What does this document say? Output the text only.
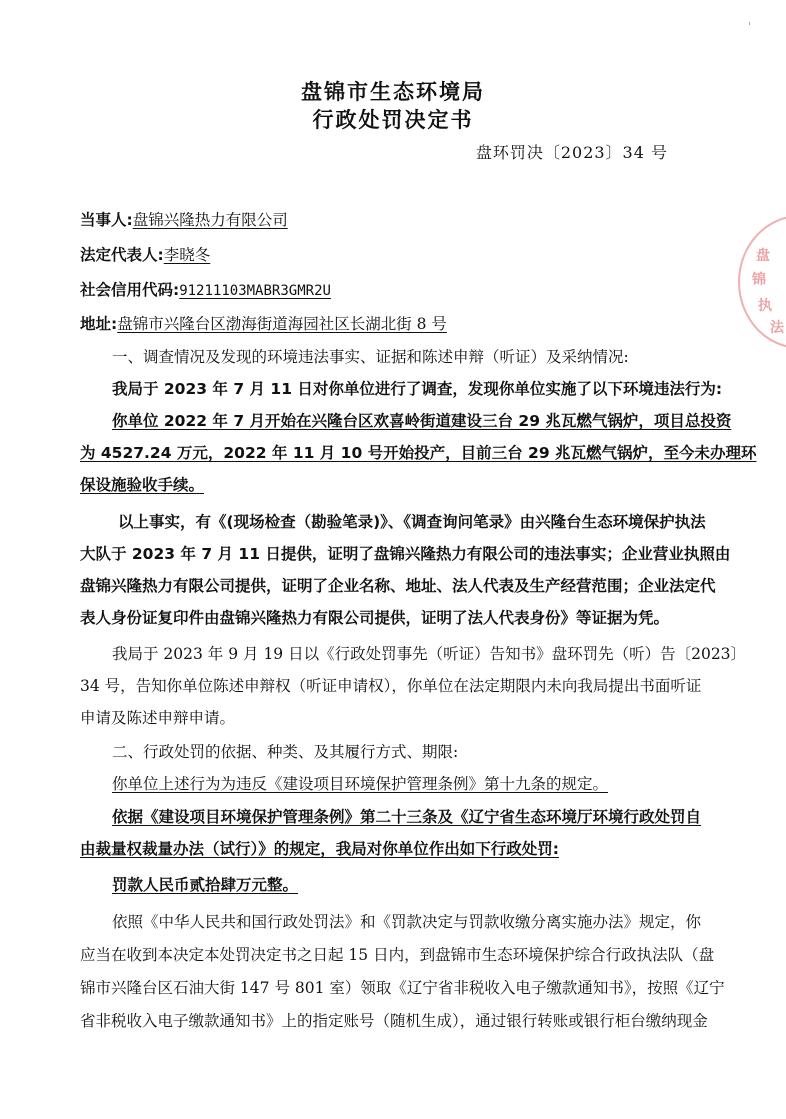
'
盘锦市生态环境局
行政处罚决定书
盘环罚决〔2023〕34 号
当事人:盘锦兴隆热力有限公司
法定代表人:李晓冬
社会信用代码:91211103MABR3GMR2U
地址:盘锦市兴隆台区渤海街道海园社区长湖北街 8 号
一、调查情况及发现的环境违法事实、证据和陈述申辩（听证）及采纳情况:
我局于 2023 年 7 月 11 日对你单位进行了调查，发现你单位实施了以下环境违法行为:
你单位 2022 年 7 月开始在兴隆台区欢喜岭街道建设三台 29 兆瓦燃气锅炉，项目总投资
为 4527.24 万元，2022 年 11 月 10 号开始投产，目前三台 29 兆瓦燃气锅炉，至今未办理环
保设施验收手续。
以上事实，有《(现场检查（勘验笔录)》、《调查询问笔录》由兴隆台生态环境保护执法
大队于 2023 年 7 月 11 日提供，证明了盘锦兴隆热力有限公司的违法事实；企业营业执照由
盘锦兴隆热力有限公司提供，证明了企业名称、地址、法人代表及生产经营范围；企业法定代
表人身份证复印件由盘锦兴隆热力有限公司提供，证明了法人代表身份》等证据为凭。
我局于 2023 年 9 月 19 日以《行政处罚事先（听证）告知书》盘环罚先（听）告〔2023〕
34 号，告知你单位陈述申辩权（听证申请权），你单位在法定期限内未向我局提出书面听证
申请及陈述申辩申请。
二、行政处罚的依据、种类、及其履行方式、期限:
你单位上述行为为违反《建设项目环境保护管理条例》第十九条的规定。
依据《建设项目环境保护管理条例》第二十三条及《辽宁省生态环境厅环境行政处罚自
由裁量权裁量办法（试行）》的规定，我局对你单位作出如下行政处罚:
罚款人民币贰拾肆万元整。
依照《中华人民共和国行政处罚法》和《罚款决定与罚款收缴分离实施办法》规定，你
应当在收到本决定本处罚决定书之日起 15 日内，到盘锦市生态环境保护综合行政执法队（盘
锦市兴隆台区石油大街 147 号 801 室）领取《辽宁省非税收入电子缴款通知书》，按照《辽宁
省非税收入电子缴款通知书》上的指定账号（随机生成），通过银行转账或银行柜台缴纳现金
盘
锦
执
法
